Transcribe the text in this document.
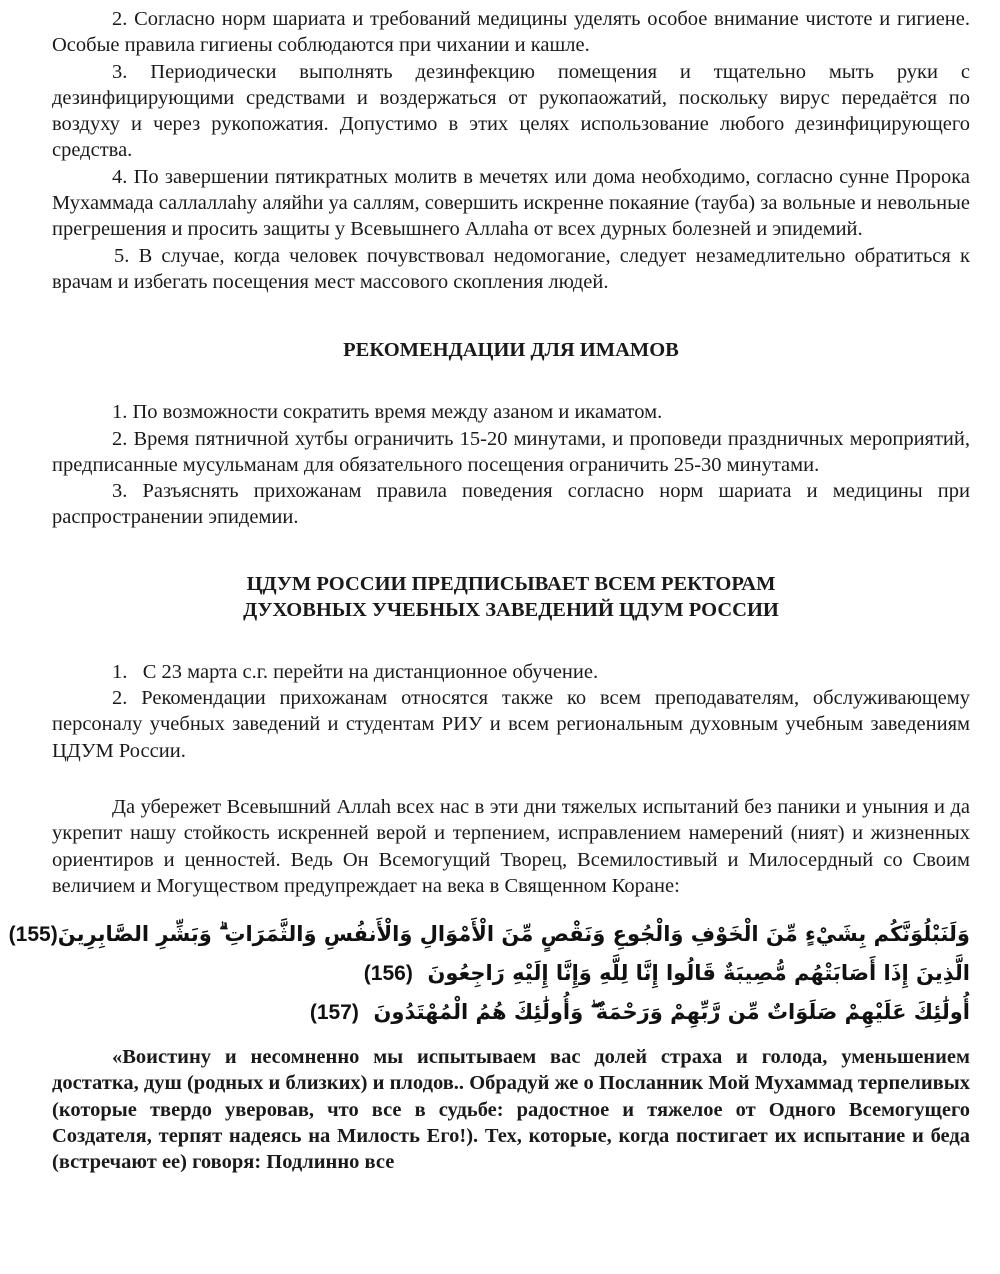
2. Согласно норм шариата и требований медицины уделять особое внимание чистоте и гигиене. Особые правила гигиены соблюдаются при чихании и кашле.

3. Периодически выполнять дезинфекцию помещения и тщательно мыть руки с дезинфицирующими средствами и воздержаться от рукопаожатий, поскольку вирус передаётся по воздуху и через рукопожатия. Допустимо в этих целях использование любого дезинфицирующего средства.

4. По завершении пятикратных молитв в мечетях или дома необходимо, согласно сунне Пророка Мухаммада саллаллаhу аляйhи уа саллям, совершить искренне покаяние (тауба) за вольные и невольные прегрешения и просить защиты у Всевышнего Аллаhа от всех дурных болезней и эпидемий.

5. В случае, когда человек почувствовал недомогание, следует незамедлительно обратиться к врачам и избегать посещения мест массового скопления людей.

РЕКОМЕНДАЦИИ ДЛЯ ИМАМОВ

1. По возможности сократить время между азаном и икаматом.

2. Время пятничной хутбы ограничить 15-20 минутами, и проповеди праздничных мероприятий, предписанные мусульманам для обязательного посещения ограничить 25-30 минутами.

3. Разъяснять прихожанам правила поведения согласно норм шариата и медицины при распространении эпидемии.

ЦДУМ РОССИИ ПРЕДПИСЫВАЕТ ВСЕМ РЕКТОРАМ
ДУХОВНЫХ УЧЕБНЫХ ЗАВЕДЕНИЙ ЦДУМ РОССИИ

1.   С 23 марта с.г. перейти на дистанционное обучение.

2. Рекомендации прихожанам относятся также ко всем преподавателям, обслуживающему персоналу учебных заведений и студентам РИУ и всем региональным духовным учебным заведениям ЦДУМ России.

Да убережет Всевышний Аллаh всех нас в эти дни тяжелых испытаний без паники и уныния и да укрепит нашу стойкость искренней верой и терпением, исправлением намерений (ният) и жизненных ориентиров и ценностей. Ведь Он Всемогущий Творец, Всемилостивый и Милосердный со Своим величием и Могуществом предупреждает на века в Священном Коране:

وَلَنَبْلُوَنَّكُم بِشَيْءٍ مِّنَ الْخَوْفِ وَالْجُوعِ وَنَقْصٍ مِّنَ الْأَمْوَالِ وَالْأَنفُسِ وَالثَّمَرَاتِ ۗ وَبَشِّرِ الصَّابِرِينَ(155)
الَّذِينَ إِذَا أَصَابَتْهُم مُّصِيبَةٌ قَالُوا إِنَّا لِلَّهِ وَإِنَّا إِلَيْهِ رَاجِعُونَ  (156)
أُولَٰئِكَ عَلَيْهِمْ صَلَوَاتٌ مِّن رَّبِّهِمْ وَرَحْمَةٌ ۖ وَأُولَٰئِكَ هُمُ الْمُهْتَدُونَ  (157)

«Воистину и несомненно мы испытываем вас долей страха и голода, уменьшением достатка, душ (родных и близких) и плодов.. Обрадуй же о Посланник Мой Мухаммад терпеливых (которые твердо уверовав, что все в судьбе: радостное и тяжелое от Одного Всемогущего Создателя, терпят надеясь на Милость Его!). Тех, которые, когда постигает их испытание и беда (встречают ее) говоря: Подлинно все
